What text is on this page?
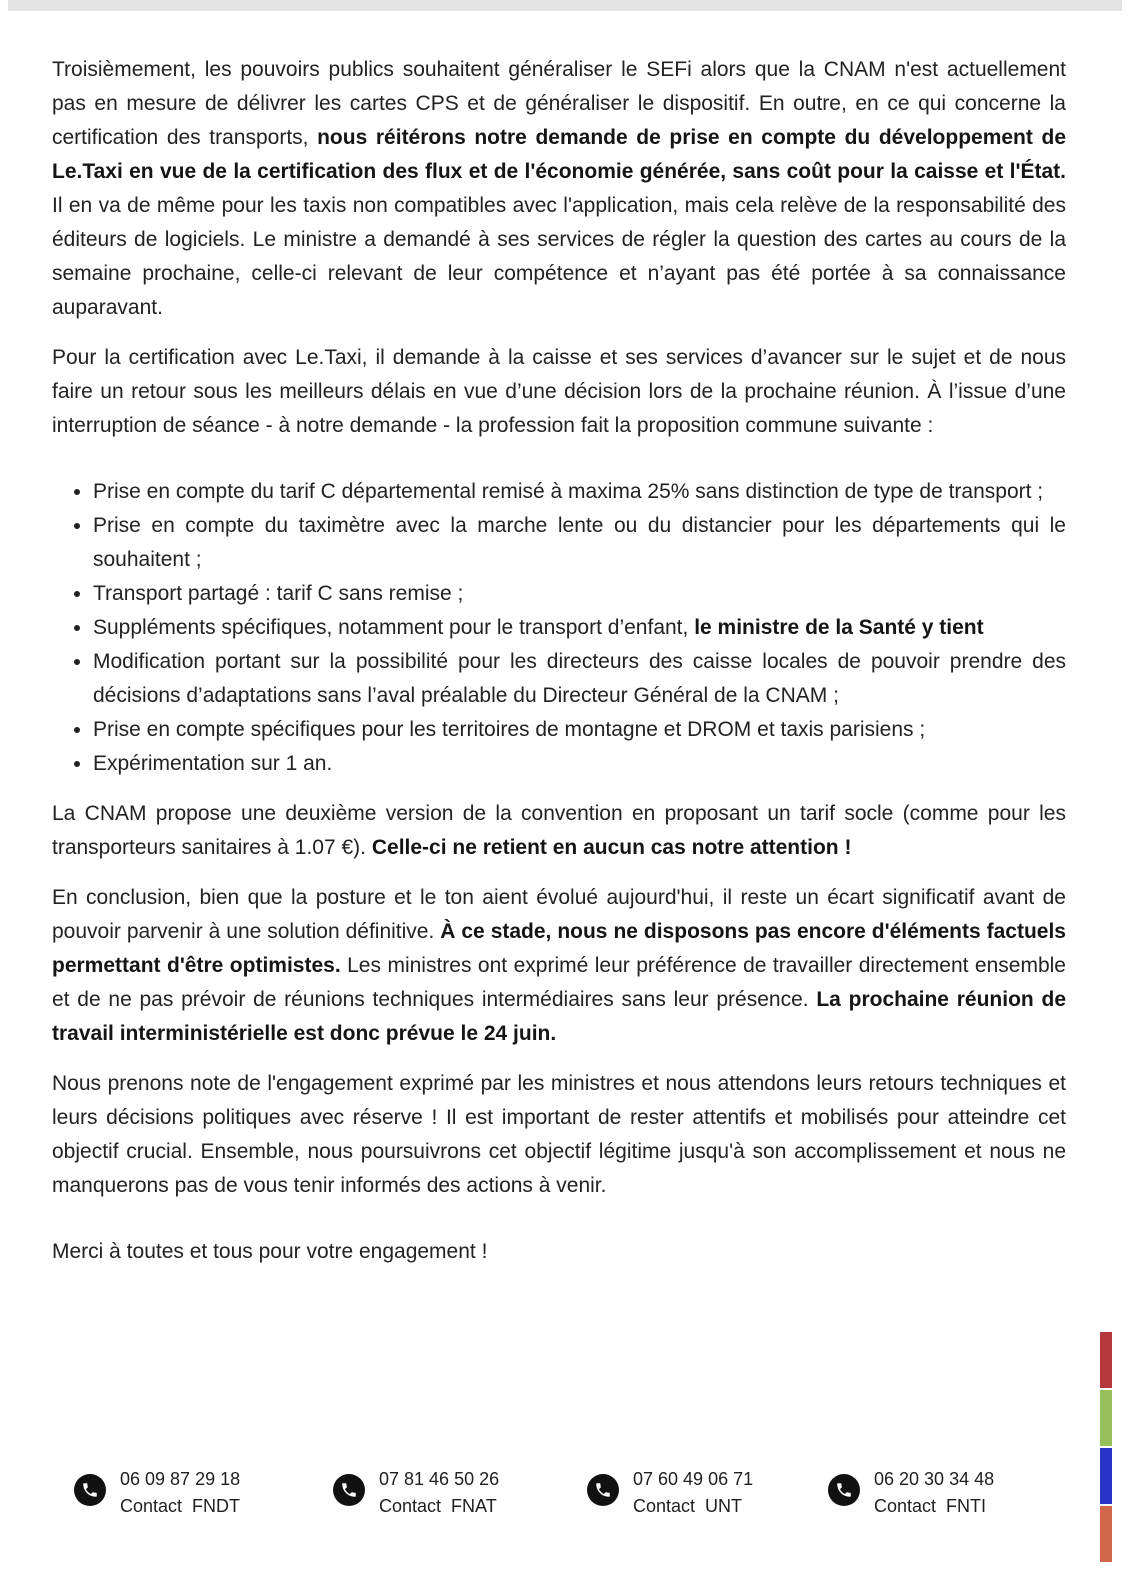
Troisièmement, les pouvoirs publics souhaitent généraliser le SEFi alors que la CNAM n'est actuellement pas en mesure de délivrer les cartes CPS et de généraliser le dispositif. En outre, en ce qui concerne la certification des transports, nous réitérons notre demande de prise en compte du développement de Le.Taxi en vue de la certification des flux et de l'économie générée, sans coût pour la caisse et l'État. Il en va de même pour les taxis non compatibles avec l'application, mais cela relève de la responsabilité des éditeurs de logiciels. Le ministre a demandé à ses services de régler la question des cartes au cours de la semaine prochaine, celle-ci relevant de leur compétence et n’ayant pas été portée à sa connaissance auparavant.

Pour la certification avec Le.Taxi, il demande à la caisse et ses services d’avancer sur le sujet et de nous faire un retour sous les meilleurs délais en vue d’une décision lors de la prochaine réunion. À l’issue d’une interruption de séance - à notre demande - la profession fait la proposition commune suivante :

• Prise en compte du tarif C départemental remisé à maxima 25% sans distinction de type de transport ;
• Prise en compte du taximètre avec la marche lente ou du distancier pour les départements qui le souhaitent ;
• Transport partagé : tarif C sans remise ;
• Suppléments spécifiques, notamment pour le transport d’enfant, le ministre de la Santé y tient
• Modification portant sur la possibilité pour les directeurs des caisse locales de pouvoir prendre des décisions d’adaptations sans l’aval préalable du Directeur Général de la CNAM ;
• Prise en compte spécifiques pour les territoires de montagne et DROM et taxis parisiens ;
• Expérimentation sur 1 an.

La CNAM propose une deuxième version de la convention en proposant un tarif socle (comme pour les transporteurs sanitaires à 1.07 €). Celle-ci ne retient en aucun cas notre attention !

En conclusion, bien que la posture et le ton aient évolué aujourd'hui, il reste un écart significatif avant de pouvoir parvenir à une solution définitive. À ce stade, nous ne disposons pas encore d'éléments factuels permettant d'être optimistes. Les ministres ont exprimé leur préférence de travailler directement ensemble et de ne pas prévoir de réunions techniques intermédiaires sans leur présence. La prochaine réunion de travail interministérielle est donc prévue le 24 juin.

Nous prenons note de l'engagement exprimé par les ministres et nous attendons leurs retours techniques et leurs décisions politiques avec réserve ! Il est important de rester attentifs et mobilisés pour atteindre cet objectif crucial. Ensemble, nous poursuivrons cet objectif légitime jusqu'à son accomplissement et nous ne manquerons pas de vous tenir informés des actions à venir.

Merci à toutes et tous pour votre engagement !

06 09 87 29 18
Contact  FNDT
07 81 46 50 26
Contact  FNAT
07 60 49 06 71
Contact  UNT
06 20 30 34 48
Contact  FNTI
